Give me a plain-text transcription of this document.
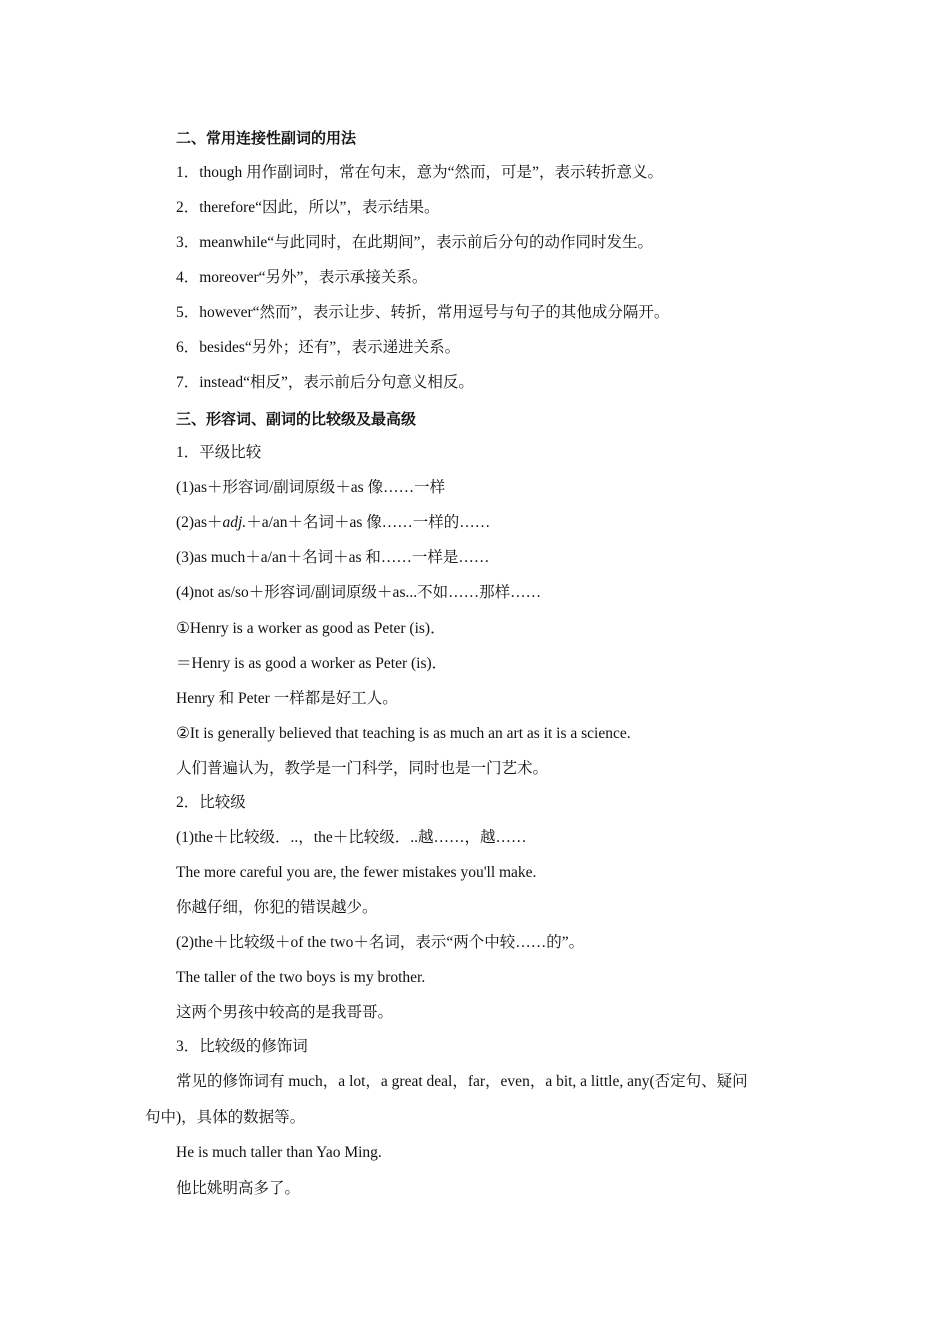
二、常用连接性副词的用法
1．though 用作副词时，常在句末，意为“然而，可是”，表示转折意义。
2．therefore“因此，所以”，表示结果。
3．meanwhile“与此同时，在此期间”，表示前后分句的动作同时发生。
4．moreover“另外”，表示承接关系。
5．however“然而”，表示让步、转折，常用逗号与句子的其他成分隔开。
6．besides“另外；还有”，表示递进关系。
7．instead“相反”，表示前后分句意义相反。
三、形容词、副词的比较级及最高级
1．平级比较
(1)as＋形容词/副词原级＋as 像……一样
(2)as＋adj.＋a/an＋名词＋as 像……一样的……
(3)as much＋a/an＋名词＋as 和……一样是……
(4)not as/so＋形容词/副词原级＋as...不如……那样……
①Henry is a worker as good as Peter (is)．
＝Henry is as good a worker as Peter (is)．
Henry 和 Peter 一样都是好工人。
②It is generally believed that teaching is as much an art as it is a science.
人们普遍认为，教学是一门科学，同时也是一门艺术。
2．比较级
(1)the＋比较级．..，the＋比较级．..越……，越……
The more careful you are, the fewer mistakes you'll make.
你越仔细，你犯的错误越少。
(2)the＋比较级＋of the two＋名词，表示“两个中较……的”。
The taller of the two boys is my brother.
这两个男孩中较高的是我哥哥。
3．比较级的修饰词
常见的修饰词有 much，a lot，a great deal，far，even，a bit, a little, any(否定句、疑问
句中)，具体的数据等。
He is much taller than Yao Ming.
他比姚明高多了。
